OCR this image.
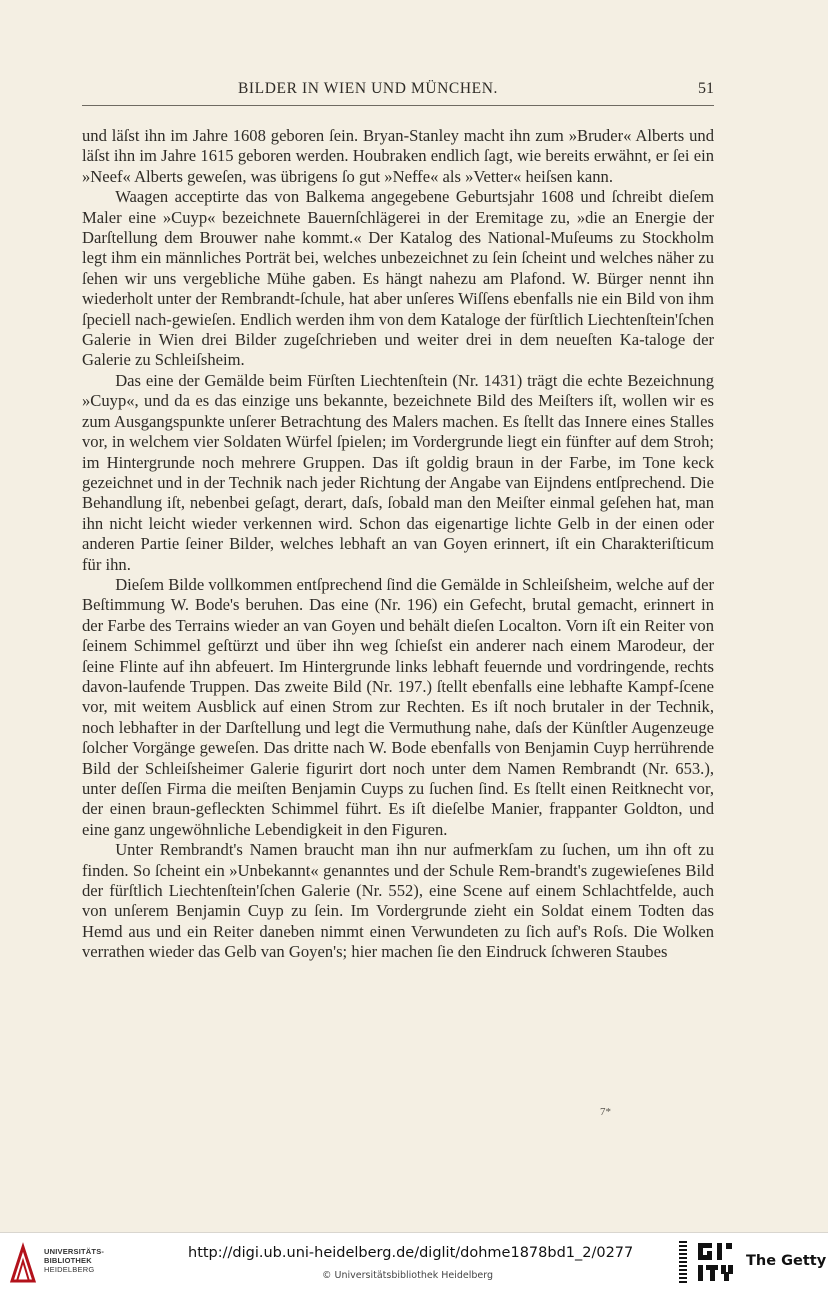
BILDER IN WIEN UND MÜNCHEN.	51

und läſst ihn im Jahre 1608 geboren ſein. Bryan-Stanley macht ihn zum »Bruder« Alberts und läſst ihn im Jahre 1615 geboren werden. Houbraken endlich ſagt, wie bereits erwähnt, er ſei ein »Neef« Alberts geweſen, was übrigens ſo gut »Neffe« als »Vetter« heiſsen kann.

Waagen acceptirte das von Balkema angegebene Geburtsjahr 1608 und ſchreibt dieſem Maler eine »Cuyp« bezeichnete Bauernſchlägerei in der Eremitage zu, »die an Energie der Darſtellung dem Brouwer nahe kommt.« Der Katalog des National-Muſeums zu Stockholm legt ihm ein männliches Porträt bei, welches unbezeichnet zu ſein ſcheint und welches näher zu ſehen wir uns vergebliche Mühe gaben. Es hängt nahezu am Plafond. W. Bürger nennt ihn wiederholt unter der Rembrandt-ſchule, hat aber unſeres Wiſſens ebenfalls nie ein Bild von ihm ſpeciell nach-gewieſen. Endlich werden ihm von dem Kataloge der fürſtlich Liechtenſtein'ſchen Galerie in Wien drei Bilder zugeſchrieben und weiter drei in dem neueſten Ka-taloge der Galerie zu Schleiſsheim.

Das eine der Gemälde beim Fürſten Liechtenſtein (Nr. 1431) trägt die echte Bezeichnung »Cuyp«, und da es das einzige uns bekannte, bezeichnete Bild des Meiſters iſt, wollen wir es zum Ausgangspunkte unſerer Betrachtung des Malers machen. Es ſtellt das Innere eines Stalles vor, in welchem vier Soldaten Würfel ſpielen; im Vordergrunde liegt ein fünfter auf dem Stroh; im Hintergrunde noch mehrere Gruppen. Das iſt goldig braun in der Farbe, im Tone keck gezeichnet und in der Technik nach jeder Richtung der Angabe van Eijndens entſprechend. Die Behandlung iſt, nebenbei geſagt, derart, daſs, ſobald man den Meiſter einmal geſehen hat, man ihn nicht leicht wieder verkennen wird. Schon das eigenartige lichte Gelb in der einen oder anderen Partie ſeiner Bilder, welches lebhaft an van Goyen erinnert, iſt ein Charakteriſticum für ihn.

Dieſem Bilde vollkommen entſprechend ſind die Gemälde in Schleiſsheim, welche auf der Beſtimmung W. Bode's beruhen. Das eine (Nr. 196) ein Gefecht, brutal gemacht, erinnert in der Farbe des Terrains wieder an van Goyen und behält dieſen Localton. Vorn iſt ein Reiter von ſeinem Schimmel geſtürzt und über ihn weg ſchieſst ein anderer nach einem Marodeur, der ſeine Flinte auf ihn abfeuert. Im Hintergrunde links lebhaft feuernde und vordringende, rechts davon-laufende Truppen. Das zweite Bild (Nr. 197.) ſtellt ebenfalls eine lebhafte Kampf-ſcene vor, mit weitem Ausblick auf einen Strom zur Rechten. Es iſt noch brutaler in der Technik, noch lebhafter in der Darſtellung und legt die Vermuthung nahe, daſs der Künſtler Augenzeuge ſolcher Vorgänge geweſen. Das dritte nach W. Bode ebenfalls von Benjamin Cuyp herrührende Bild der Schleiſsheimer Galerie figurirt dort noch unter dem Namen Rembrandt (Nr. 653.), unter deſſen Firma die meiſten Benjamin Cuyps zu ſuchen ſind. Es ſtellt einen Reitknecht vor, der einen braun-gefleckten Schimmel führt. Es iſt dieſelbe Manier, frappanter Goldton, und eine ganz ungewöhnliche Lebendigkeit in den Figuren.

Unter Rembrandt's Namen braucht man ihn nur aufmerkſam zu ſuchen, um ihn oft zu finden. So ſcheint ein »Unbekannt« genanntes und der Schule Rem-brandt's zugewieſenes Bild der fürſtlich Liechtenſtein'ſchen Galerie (Nr. 552), eine Scene auf einem Schlachtfelde, auch von unſerem Benjamin Cuyp zu ſein. Im Vordergrunde zieht ein Soldat einem Todten das Hemd aus und ein Reiter daneben nimmt einen Verwundeten zu ſich auf's Roſs. Die Wolken verrathen wieder das Gelb van Goyen's; hier machen ſie den Eindruck ſchweren Staubes

7*
UNIVERSITÄTS-
BIBLIOTHEK
HEIDELBERG
http://digi.ub.uni-heidelberg.de/diglit/dohme1878bd1_2/0277
© Universitätsbibliothek Heidelberg
The Getty
